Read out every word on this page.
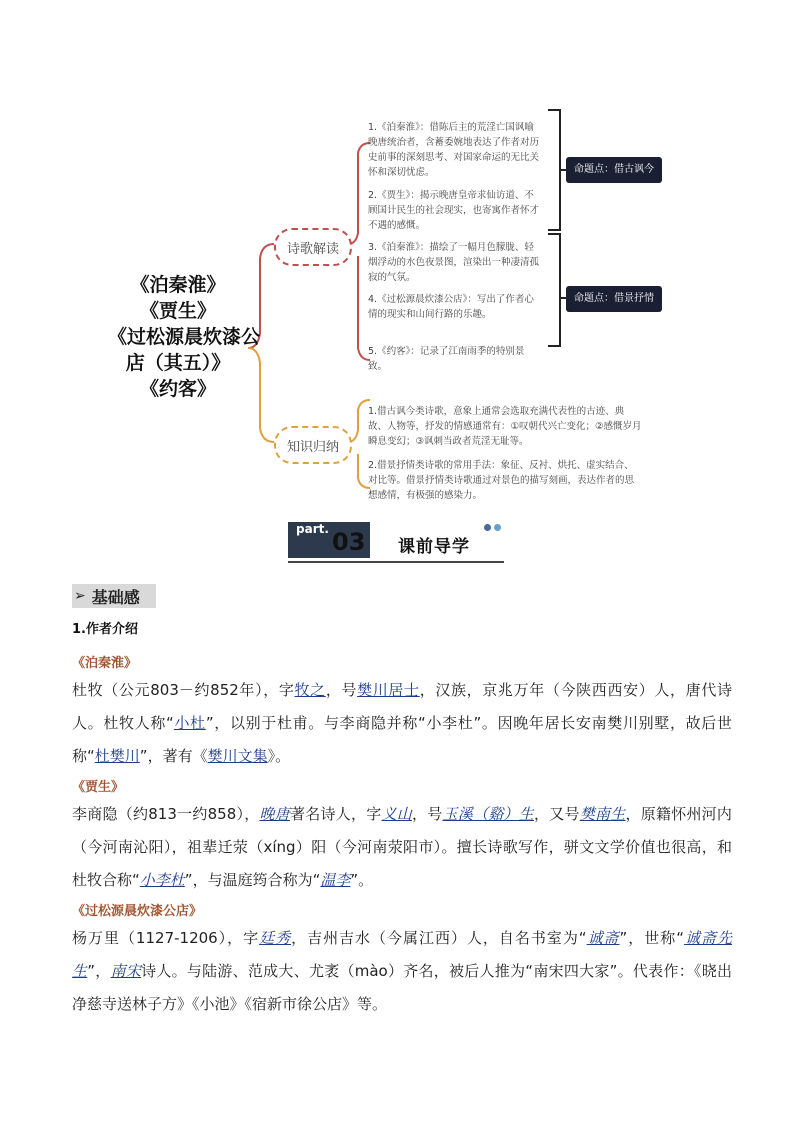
《泊秦淮》
《贾生》
《过松源晨炊漆公
店（其五）》
《约客》
诗歌解读
知识归纳
1.《泊秦淮》：借陈后主的荒淫亡国讽喻晚唐统治者，含蓄委婉地表达了作者对历史前事的深刻思考、对国家命运的无比关怀和深切忧虑。
2.《贾生》：揭示晚唐皇帝求仙访道、不顾国计民生的社会现实，也寄寓作者怀才不遇的感慨。
3.《泊秦淮》：描绘了一幅月色朦胧、轻烟浮动的水色夜景图，渲染出一种凄清孤寂的气氛。
4.《过松源晨炊漆公店》：写出了作者心情的现实和山间行路的乐趣。
5.《约客》：记录了江南雨季的特别景致。
命题点：借古讽今
命题点：借景抒情
1.借古讽今类诗歌，意象上通常会选取充满代表性的古迹、典故、人物等，抒发的情感通常有：①叹朝代兴亡变化；②感慨岁月瞬息变幻；③讽刺当政者荒淫无耻等。
2.借景抒情类诗歌的常用手法：象征、反衬、烘托、虚实结合、对比等。借景抒情类诗歌通过对景色的描写刻画，表达作者的思想感情，有极强的感染力。
part. 03 课前导学
➢ 基础感
1.作者介绍
《泊秦淮》
杜牧（公元803－约852年），字牧之，号樊川居士，汉族，京兆万年（今陕西西安）人，唐代诗人。杜牧人称“小杜”，以别于杜甫。与李商隐并称“小李杜”。因晚年居长安南樊川别墅，故后世称“杜樊川”，著有《樊川文集》。
《贾生》
李商隐（约813一约858），晚唐著名诗人，字义山，号玉溪（谿）生，又号樊南生，原籍怀州河内（今河南沁阳），祖辈迁荥（xíng）阳（今河南荥阳市）。擅长诗歌写作，骈文文学价值也很高，和杜牧合称“小李杜”，与温庭筠合称为“温李”。
《过松源晨炊漆公店》
杨万里（1127-1206），字廷秀，吉州吉水（今属江西）人，自名书室为“诚斋”，世称“诚斋先生”，南宋诗人。与陆游、范成大、尤袤（mào）齐名，被后人推为“南宋四大家”。代表作：《晓出净慈寺送林子方》《小池》《宿新市徐公店》等。
